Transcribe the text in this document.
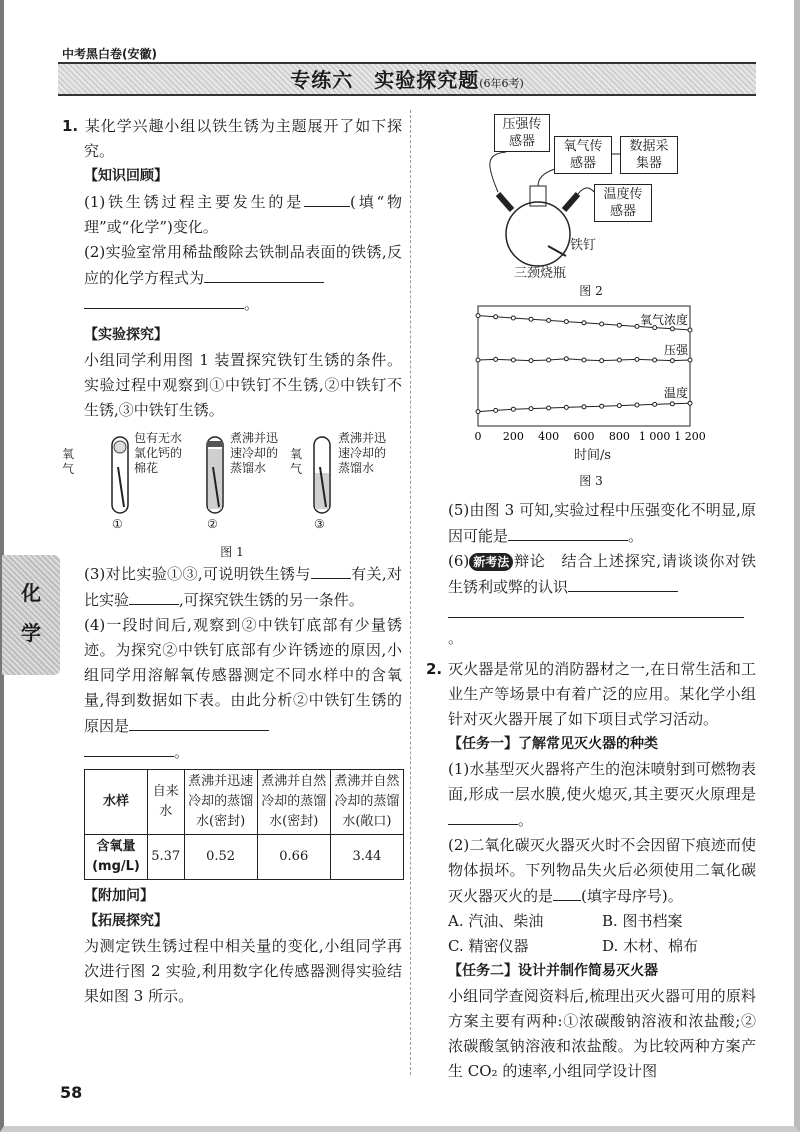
中考黑白卷(安徽)
专练六　实验探究题(6年6考)
化
学
58

1. 某化学兴趣小组以铁生锈为主题展开了如下探究。

【知识回顾】

(1)铁生锈过程主要发生的是	(填“物理”或“化学”)变化。

(2)实验室常用稀盐酸除去铁制品表面的铁锈,反应的化学方程式为
。

【实验探究】

小组同学利用图 1 装置探究铁钉生锈的条件。实验过程中观察到①中铁钉不生锈,②中铁钉不生锈,③中铁钉生锈。

氧气
包有无水氯化钙的棉花
煮沸并迅速冷却的蒸馏水
氧气
煮沸并迅速冷却的蒸馏水
①	②	③
图 1

(3)对比实验①③,可说明铁生锈与	有关,对比实验	,可探究铁生锈的另一条件。

(4)一段时间后,观察到②中铁钉底部有少量锈迹。为探究②中铁钉底部有少许锈迹的原因,小组同学用溶解氧传感器测定不同水样中的含氧量,得到数据如下表。由此分析②中铁钉生锈的原因是
。

水样	自来水	煮沸并迅速冷却的蒸馏水(密封)	煮沸并自然冷却的蒸馏水(密封)	煮沸并自然冷却的蒸馏水(敞口)
含氧量(mg/L)	5.37	0.52	0.66	3.44

【附加问】

【拓展探究】

为测定铁生锈过程中相关量的变化,小组同学再次进行图 2 实验,利用数字化传感器测得实验结果如图 3 所示。

压强传感器	氧气传感器
数据采集器
温度传感器
铁钉
三颈烧瓶
图 2
0 200 400 600 800 1 000 1 200
氧气浓度
压强
温度
时间/s
图 3

(5)由图 3 可知,实验过程中压强变化不明显,原因可能是	。

(6) 新考法 辩论　结合上述探究,请谈谈你对铁生锈利或弊的认识
。

2. 灭火器是常见的消防器材之一,在日常生活和工业生产等场景中有着广泛的应用。某化学小组针对灭火器开展了如下项目式学习活动。

【任务一】了解常见灭火器的种类

(1)水基型灭火器将产生的泡沫喷射到可燃物表面,形成一层水膜,使火熄灭,其主要灭火原理是。

(2)二氧化碳灭火器灭火时不会因留下痕迹而使物体损坏。下列物品失火后必须使用二氧化碳灭火器灭火的是 (填字母序号)。

A. 汽油、柴油	B. 图书档案
C. 精密仪器	D. 木材、棉布

【任务二】设计并制作简易灭火器

小组同学查阅资料后,梳理出灭火器可用的原料方案主要有两种:①浓碳酸钠溶液和浓盐酸;②浓碳酸氢钠溶液和浓盐酸。为比较两种方案产生 CO₂ 的速率,小组同学设计图
